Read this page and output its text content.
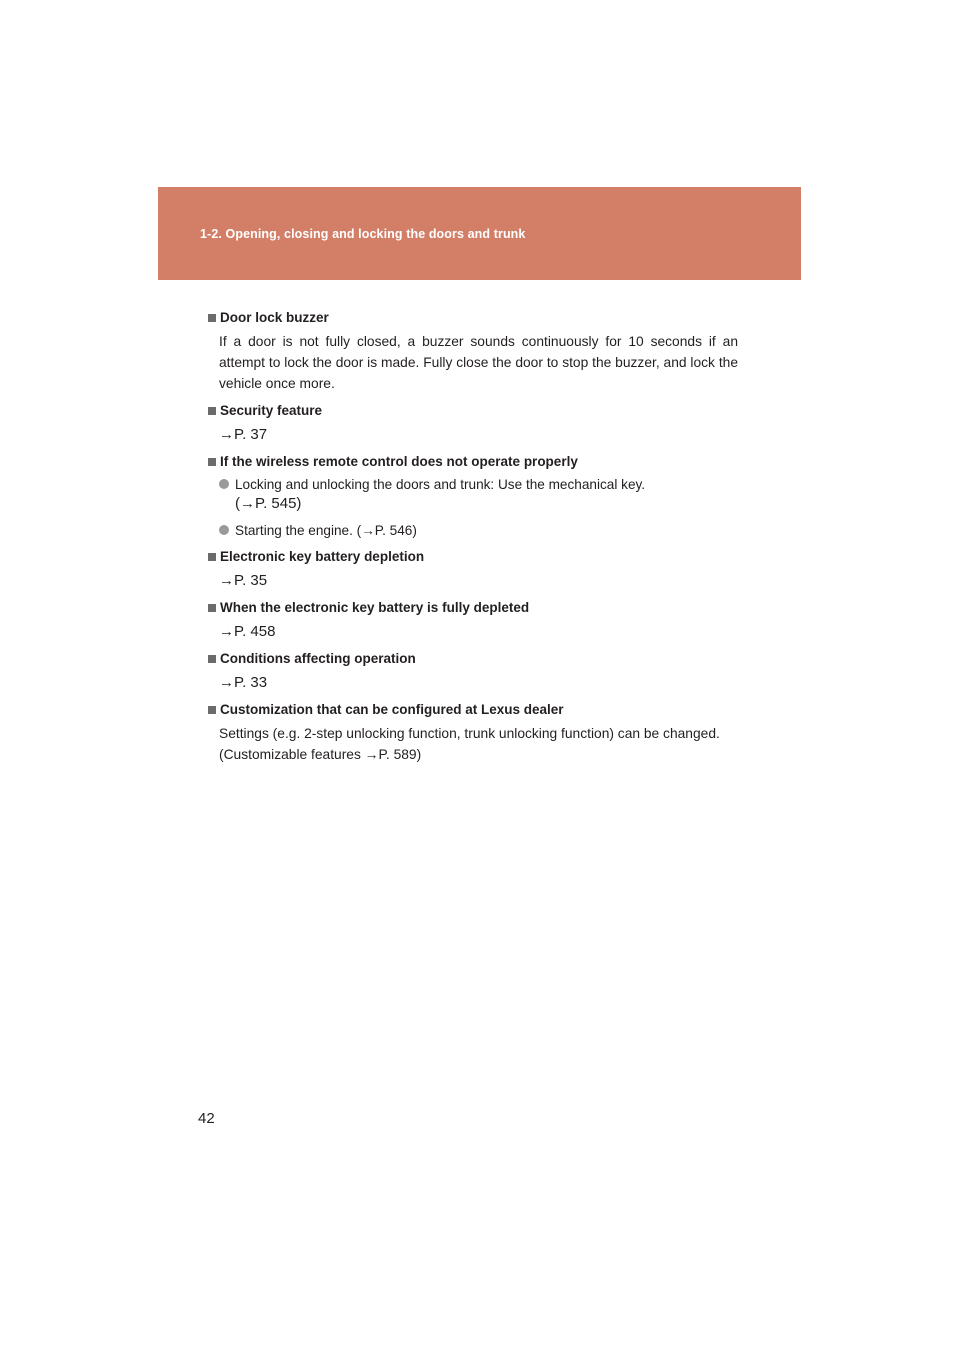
1-2. Opening, closing and locking the doors and trunk
Door lock buzzer
If a door is not fully closed, a buzzer sounds continuously for 10 seconds if an attempt to lock the door is made. Fully close the door to stop the buzzer, and lock the vehicle once more.
Security feature
→P. 37
If the wireless remote control does not operate properly
Locking and unlocking the doors and trunk: Use the mechanical key.
(→P. 545)
Starting the engine. (→P. 546)
Electronic key battery depletion
→P. 35
When the electronic key battery is fully depleted
→P. 458
Conditions affecting operation
→P. 33
Customization that can be configured at Lexus dealer
Settings (e.g. 2-step unlocking function, trunk unlocking function) can be changed.
(Customizable features →P. 589)
42
